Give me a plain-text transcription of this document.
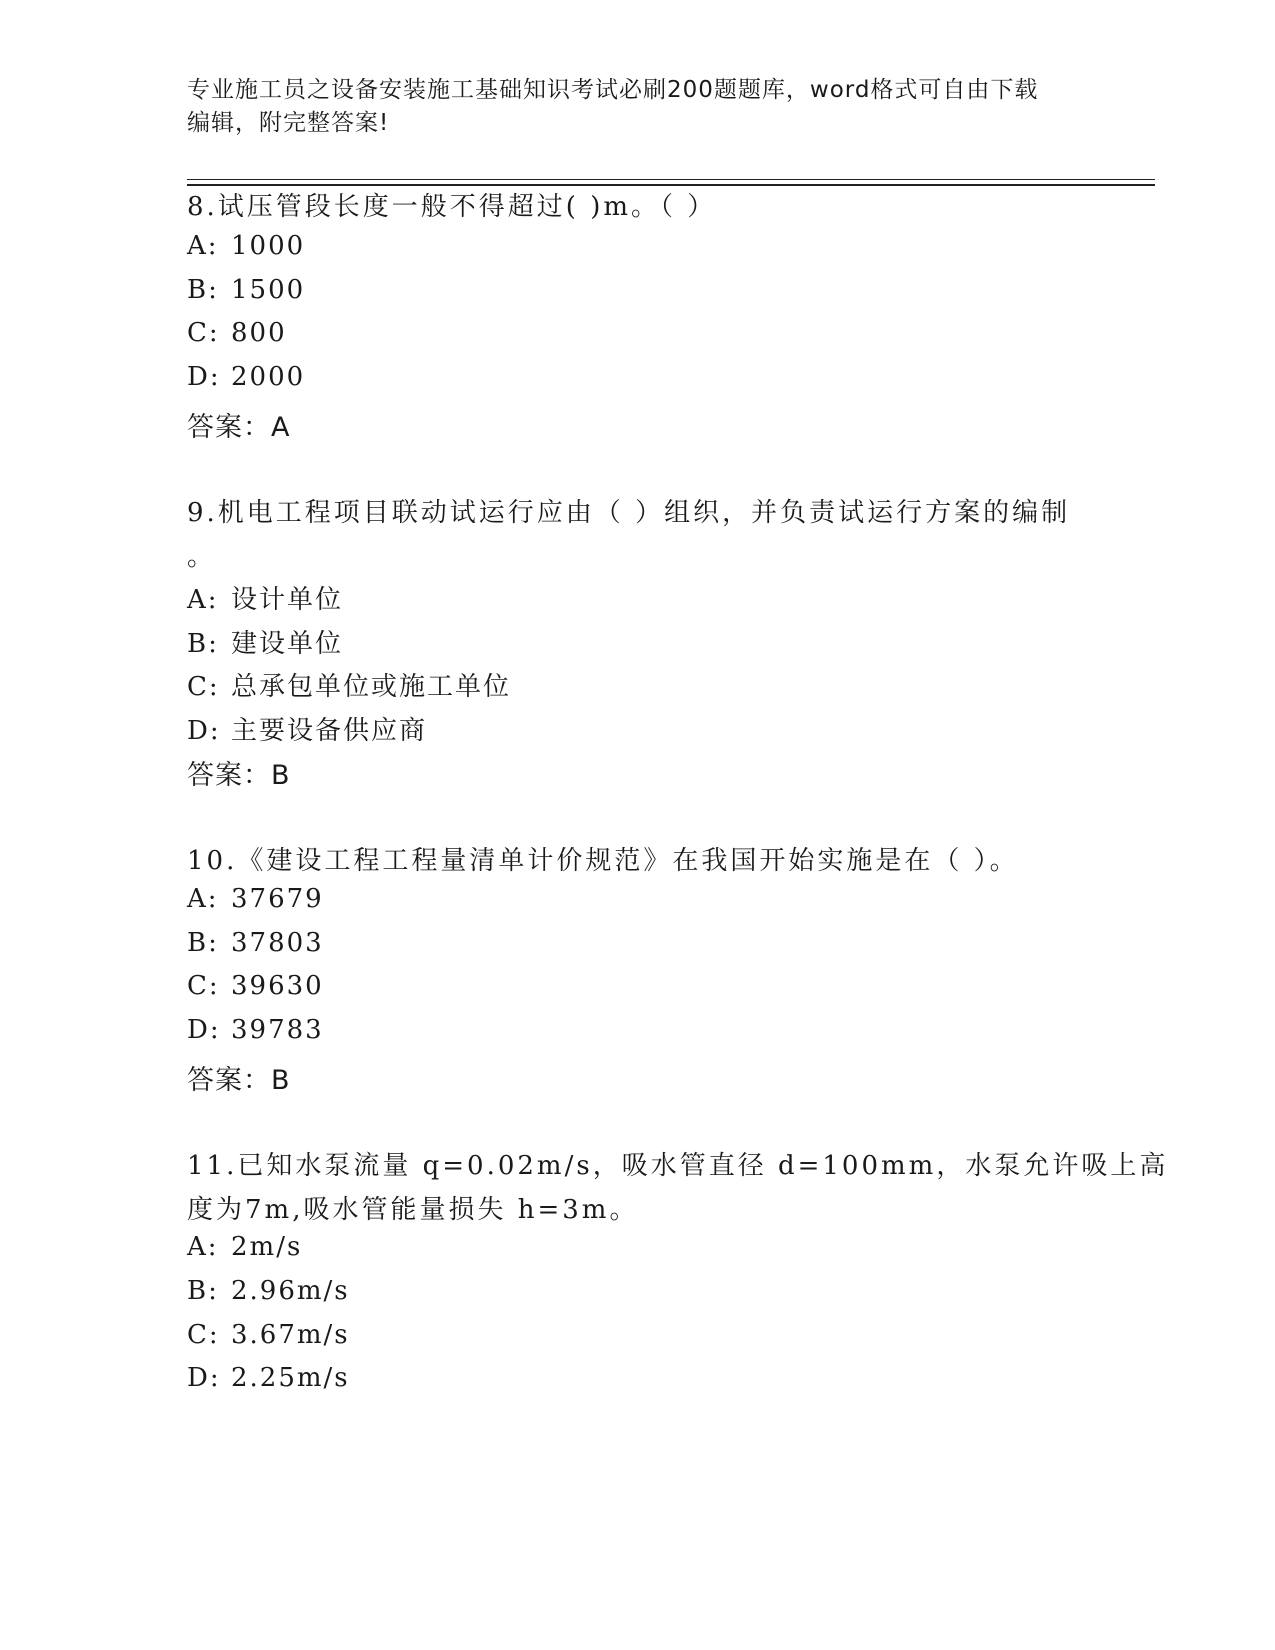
专业施工员之设备安装施工基础知识考试必刷200题题库，word格式可自由下载
编辑，附完整答案!
8.试压管段长度一般不得超过( )m。（ ）
A: 1000
B: 1500
C: 800
D: 2000
答案：A
9.机电工程项目联动试运行应由（ ）组织，并负责试运行方案的编制
。
A: 设计单位
B: 建设单位
C: 总承包单位或施工单位
D: 主要设备供应商
答案：B
10.《建设工程工程量清单计价规范》在我国开始实施是在（ ）。
A: 37679
B: 37803
C: 39630
D: 39783
答案：B
11.已知水泵流量 q=0.02m/s，吸水管直径 d=100mm，水泵允许吸上高
度为7m,吸水管能量损失 h=3m。
A: 2m/s
B: 2.96m/s
C: 3.67m/s
D: 2.25m/s
